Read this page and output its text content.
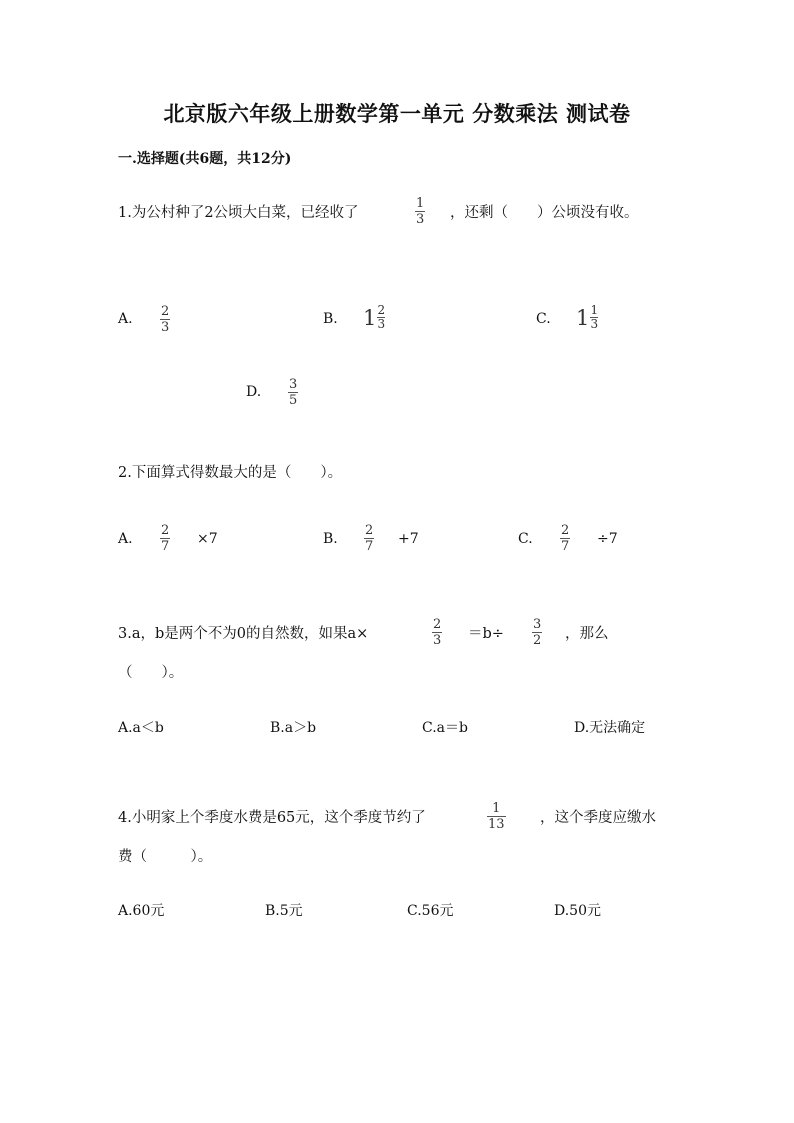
北京版六年级上册数学第一单元 分数乘法 测试卷
一.选择题(共6题，共12分)
1.为公村种了2公顷大白菜，已经收了
1
3 ，还剩（　　）公顷没有收。
A. 2
3
B. 1 2
3	C. 1 1
3
D. 3
5
2.下面算式得数最大的是（　　）。
A.
2
7 ×7	B.
2
7 +7	C.
2
7 ÷7
3.a，b是两个不为0的自然数，如果a×
2
3 ＝b÷
3
2 ，那么
（　　）。
A.a＜b	B.a＞b	C.a＝b	D.无法确定
4.小明家上个季度水费是65元，这个季度节约了
1
13 ，这个季度应缴水
费（　　　）。
A.60元	B.5元	C.56元	D.50元
